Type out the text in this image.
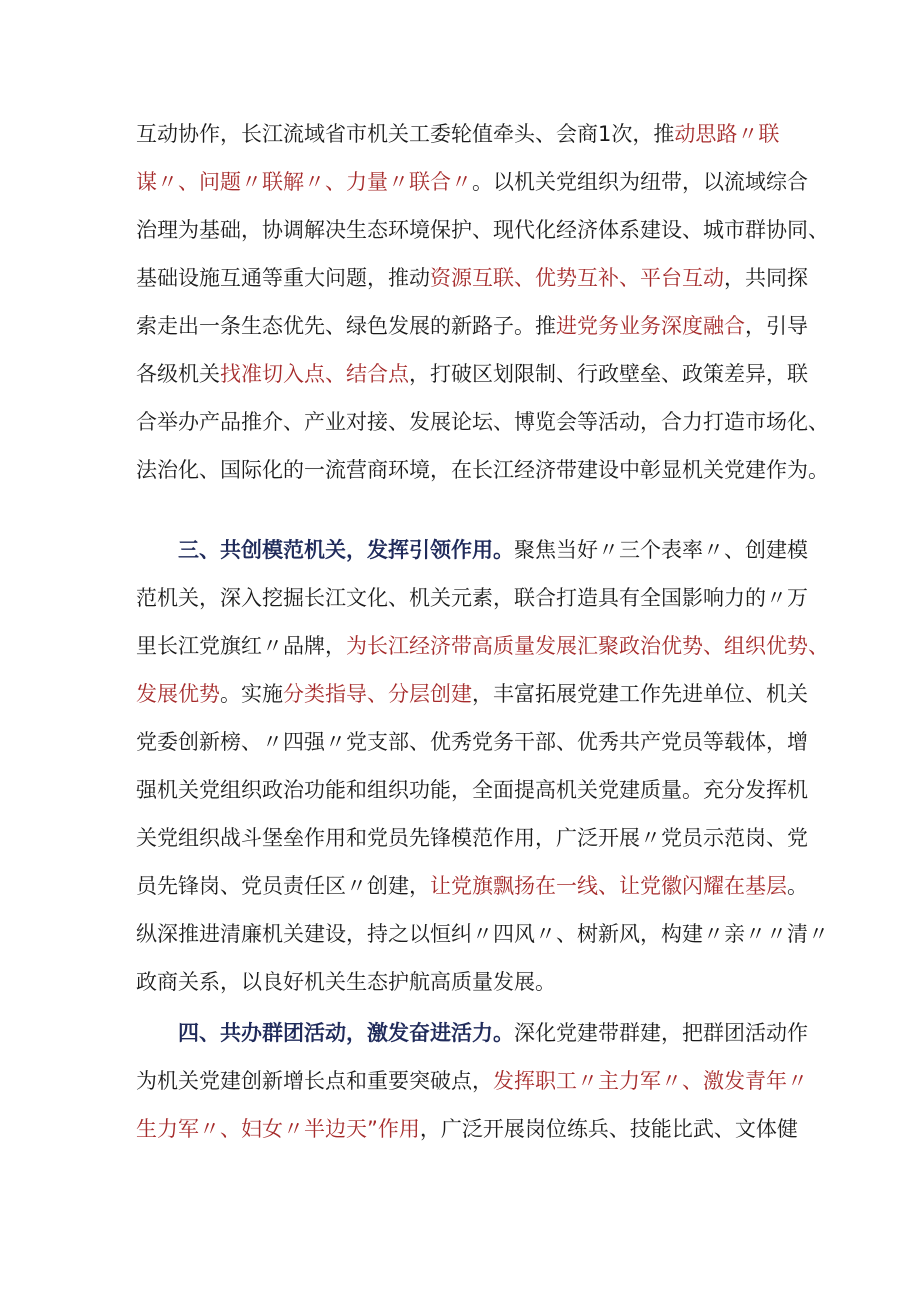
互动协作，长江流域省市机关工委轮值牵头、会商1次，推动思路〃联
谋〃、问题〃联解〃、力量〃联合〃。以机关党组织为纽带，以流域综合
治理为基础，协调解决生态环境保护、现代化经济体系建设、城市群协同、
基础设施互通等重大问题，推动资源互联、优势互补、平台互动，共同探
索走出一条生态优先、绿色发展的新路子。推进党务业务深度融合，引导
各级机关找准切入点、结合点，打破区划限制、行政壁垒、政策差异，联
合举办产品推介、产业对接、发展论坛、博览会等活动，合力打造市场化、
法治化、国际化的一流营商环境，在长江经济带建设中彰显机关党建作为。
三、共创模范机关，发挥引领作用。聚焦当好〃三个表率〃、创建模
范机关，深入挖掘长江文化、机关元素，联合打造具有全国影响力的〃万
里长江党旗红〃品牌，为长江经济带高质量发展汇聚政治优势、组织优势、
发展优势。实施分类指导、分层创建，丰富拓展党建工作先进单位、机关
党委创新榜、〃四强〃党支部、优秀党务干部、优秀共产党员等载体，增
强机关党组织政治功能和组织功能，全面提高机关党建质量。充分发挥机
关党组织战斗堡垒作用和党员先锋模范作用，广泛开展〃党员示范岗、党
员先锋岗、党员责任区〃创建，让党旗飘扬在一线、让党徽闪耀在基层。
纵深推进清廉机关建设，持之以恒纠〃四风〃、树新风，构建〃亲〃〃清〃
政商关系，以良好机关生态护航高质量发展。
四、共办群团活动，激发奋进活力。深化党建带群建，把群团活动作
为机关党建创新增长点和重要突破点，发挥职工〃主力军〃、激发青年〃
生力军〃、妇女〃半边天”作用，广泛开展岗位练兵、技能比武、文体健
